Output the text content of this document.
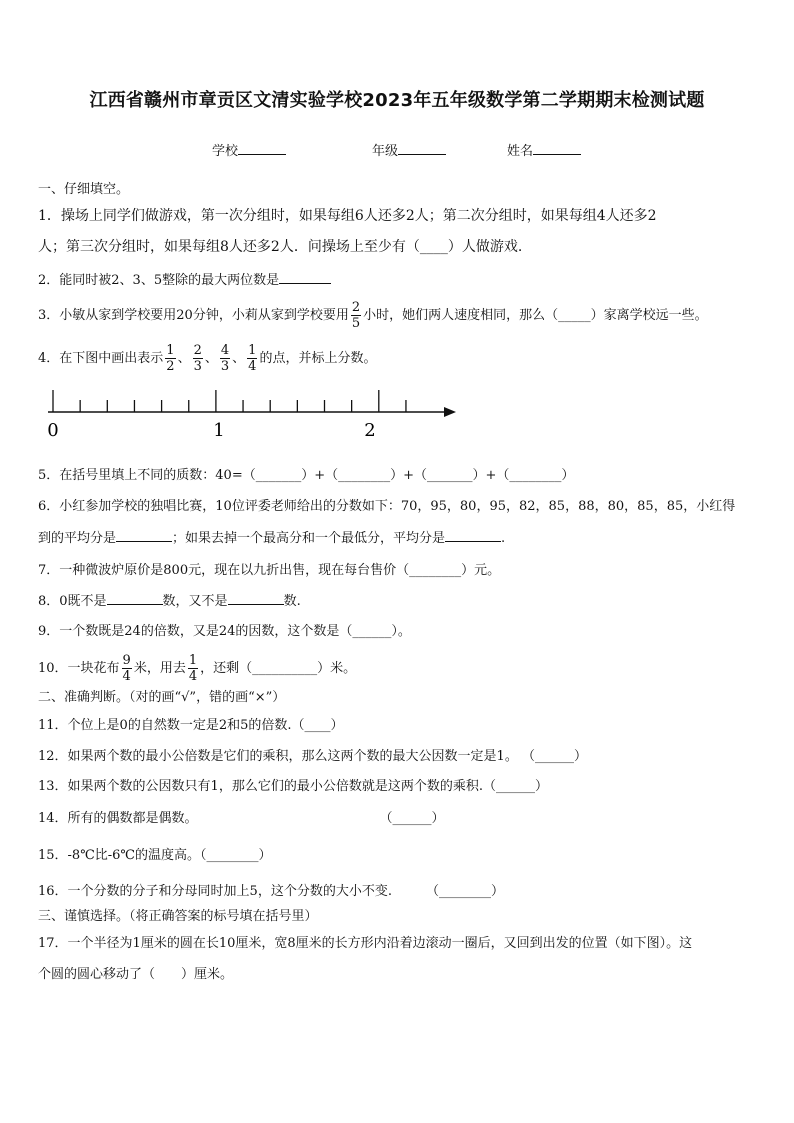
江西省赣州市章贡区文清实验学校2023年五年级数学第二学期期末检测试题
学校	年级	姓名
一、仔细填空。
1．操场上同学们做游戏，第一次分组时，如果每组6人还多2人；第二次分组时，如果每组4人还多2
人；第三次分组时，如果每组8人还多2人．问操场上至少有（____）人做游戏.
2．能同时被2、3、5整除的最大两位数是
3．小敏从家到学校要用20分钟，小莉从家到学校要用 $\frac{2}{5}$ 小时，她们两人速度相同，那么（_____）家离学校远一些。
4．在下图中画出表示 $\frac{1}{2}$ 、 $\frac{2}{3}$ 、 $\frac{4}{3}$ 、 $\frac{1}{4}$ 的点，并标上分数。
0	1	2
5．在括号里填上不同的质数：40=（_______）+（________）+（_______）+（________）
6．小红参加学校的独唱比赛，10位评委老师给出的分数如下：70，95，80，95，82，85，88，80，85，85，小红得
到的平均分是	；如果去掉一个最高分和一个最低分，平均分是	.
7．一种微波炉原价是800元，现在以九折出售，现在每台售价（________）元。
8．0既不是	数，又不是	数.
9．一个数既是24的倍数，又是24的因数，这个数是（______）。
10．一块花布 $\frac{9}{4}$ 米，用去 $\frac{1}{4}$ ，还剩（__________）米。
二、准确判断。（对的画“√”，错的画“×”）
11．个位上是0的自然数一定是2和5的倍数.（____）
12．如果两个数的最小公倍数是它们的乘积，那么这两个数的最大公因数一定是1。 （______）
13．如果两个数的公因数只有1，那么它们的最小公倍数就是这两个数的乘积.（______）
14．所有的偶数都是偶数。	（______）
15．-8℃比-6℃的温度高。（________）
16．一个分数的分子和分母同时加上5，这个分数的大小不变.	（________）
三、谨慎选择。（将正确答案的标号填在括号里）
17．一个半径为1厘米的圆在长10厘米，宽8厘米的长方形内沿着边滚动一圈后，又回到出发的位置（如下图）。这
个圆的圆心移动了（　　）厘米。
